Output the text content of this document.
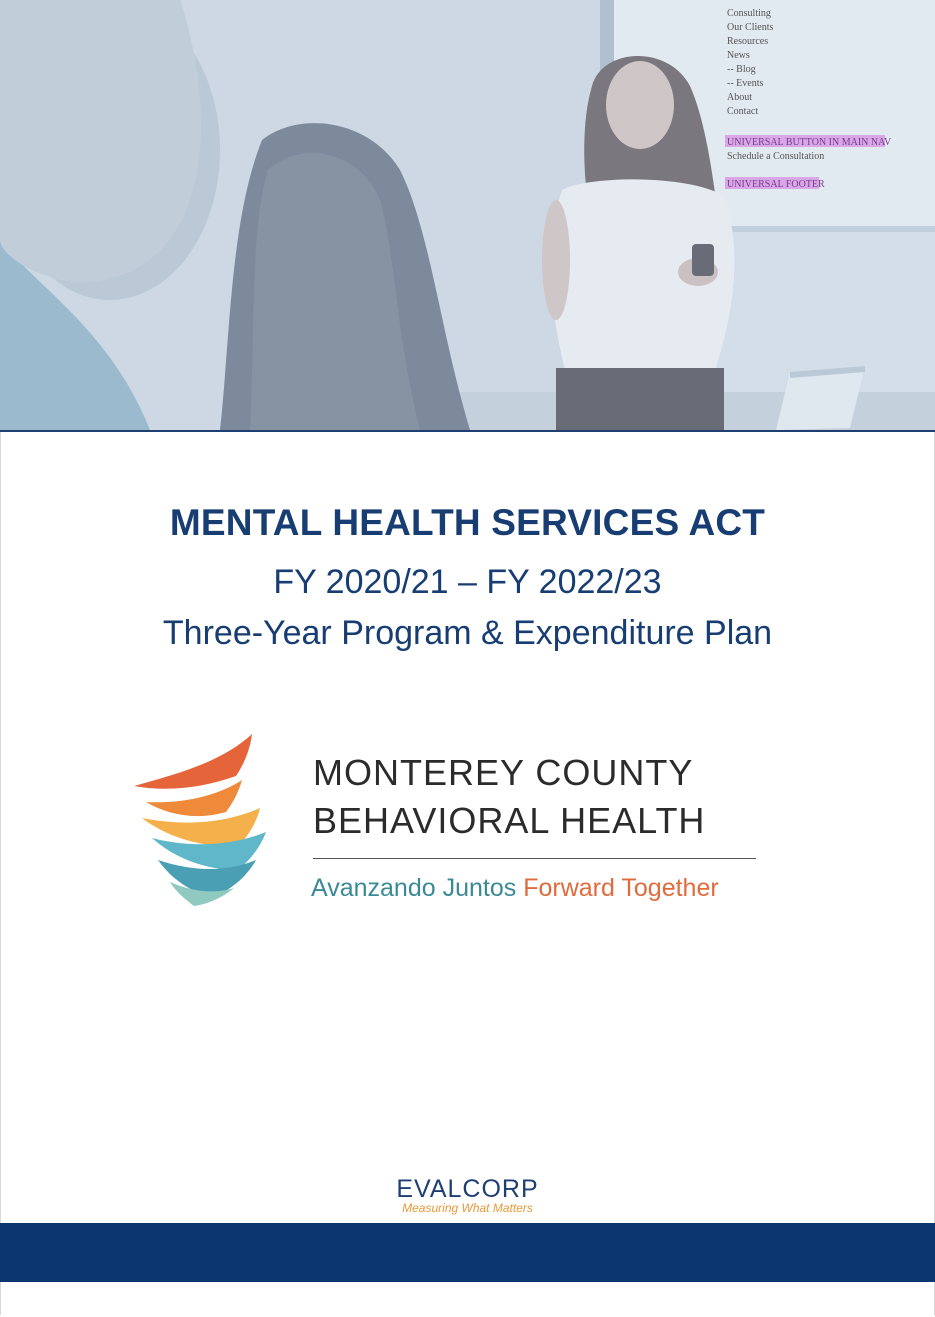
Consulting
Our Clients
Resources
News
-- Blog
-- Events
About
Contact
UNIVERSAL BUTTON IN MAIN NAV
Schedule a Consultation
UNIVERSAL FOOTER
MENTAL HEALTH SERVICES ACT
FY 2020/21 – FY 2022/23
Three-Year Program & Expenditure Plan
MONTEREY COUNTY
BEHAVIORAL HEALTH
Avanzando Juntos Forward Together
EVALCORP
Measuring What Matters
